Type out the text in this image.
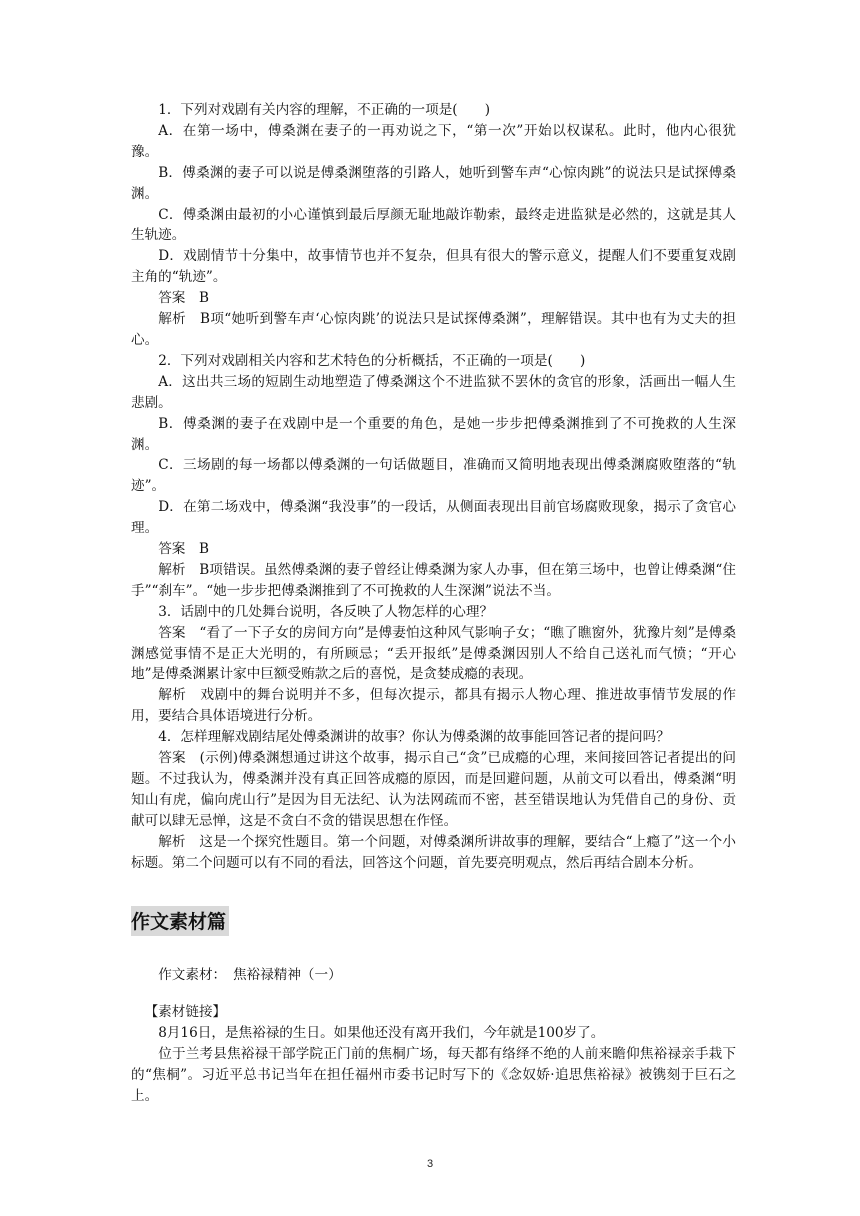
1．下列对戏剧有关内容的理解，不正确的一项是(　　)

A．在第一场中，傅桑渊在妻子的一再劝说之下，“第一次”开始以权谋私。此时，他内心很犹豫。

B．傅桑渊的妻子可以说是傅桑渊堕落的引路人，她听到警车声“心惊肉跳”的说法只是试探傅桑渊。

C．傅桑渊由最初的小心谨慎到最后厚颜无耻地敲诈勒索，最终走进监狱是必然的，这就是其人生轨迹。

D．戏剧情节十分集中，故事情节也并不复杂，但具有很大的警示意义，提醒人们不要重复戏剧主角的“轨迹”。

答案　B

解析　B项“她听到警车声‘心惊肉跳’的说法只是试探傅桑渊”，理解错误。其中也有为丈夫的担心。

2．下列对戏剧相关内容和艺术特色的分析概括，不正确的一项是(　　)

A．这出共三场的短剧生动地塑造了傅桑渊这个不进监狱不罢休的贪官的形象，活画出一幅人生悲剧。

B．傅桑渊的妻子在戏剧中是一个重要的角色，是她一步步把傅桑渊推到了不可挽救的人生深渊。

C．三场剧的每一场都以傅桑渊的一句话做题目，准确而又简明地表现出傅桑渊腐败堕落的“轨迹”。

D．在第二场戏中，傅桑渊“我没事”的一段话，从侧面表现出目前官场腐败现象，揭示了贪官心理。

答案　B

解析　B项错误。虽然傅桑渊的妻子曾经让傅桑渊为家人办事，但在第三场中，也曾让傅桑渊“住手”“刹车”。“她一步步把傅桑渊推到了不可挽救的人生深渊”说法不当。

3．话剧中的几处舞台说明，各反映了人物怎样的心理？

答案　“看了一下子女的房间方向”是傅妻怕这种风气影响子女；“瞧了瞧窗外，犹豫片刻”是傅桑渊感觉事情不是正大光明的，有所顾忌；“丢开报纸”是傅桑渊因别人不给自己送礼而气愤；“开心地”是傅桑渊累计家中巨额受贿款之后的喜悦，是贪婪成瘾的表现。

解析　戏剧中的舞台说明并不多，但每次提示，都具有揭示人物心理、推进故事情节发展的作用，要结合具体语境进行分析。

4．怎样理解戏剧结尾处傅桑渊讲的故事？你认为傅桑渊的故事能回答记者的提问吗？

答案　(示例)傅桑渊想通过讲这个故事，揭示自己“贪”已成瘾的心理，来间接回答记者提出的问题。不过我认为，傅桑渊并没有真正回答成瘾的原因，而是回避问题，从前文可以看出，傅桑渊“明知山有虎，偏向虎山行”是因为目无法纪、认为法网疏而不密，甚至错误地认为凭借自己的身份、贡献可以肆无忌惮，这是不贪白不贪的错误思想在作怪。

解析　这是一个探究性题目。第一个问题，对傅桑渊所讲故事的理解，要结合“上瘾了”这一个小标题。第二个问题可以有不同的看法，回答这个问题，首先要亮明观点，然后再结合剧本分析。

作文素材篇

作文素材：　焦裕禄精神（一）

【素材链接】

8月16日，是焦裕禄的生日。如果他还没有离开我们，今年就是100岁了。

位于兰考县焦裕禄干部学院正门前的焦桐广场，每天都有络绎不绝的人前来瞻仰焦裕禄亲手栽下的“焦桐”。习近平总书记当年在担任福州市委书记时写下的《念奴娇·追思焦裕禄》被镌刻于巨石之上。

3
